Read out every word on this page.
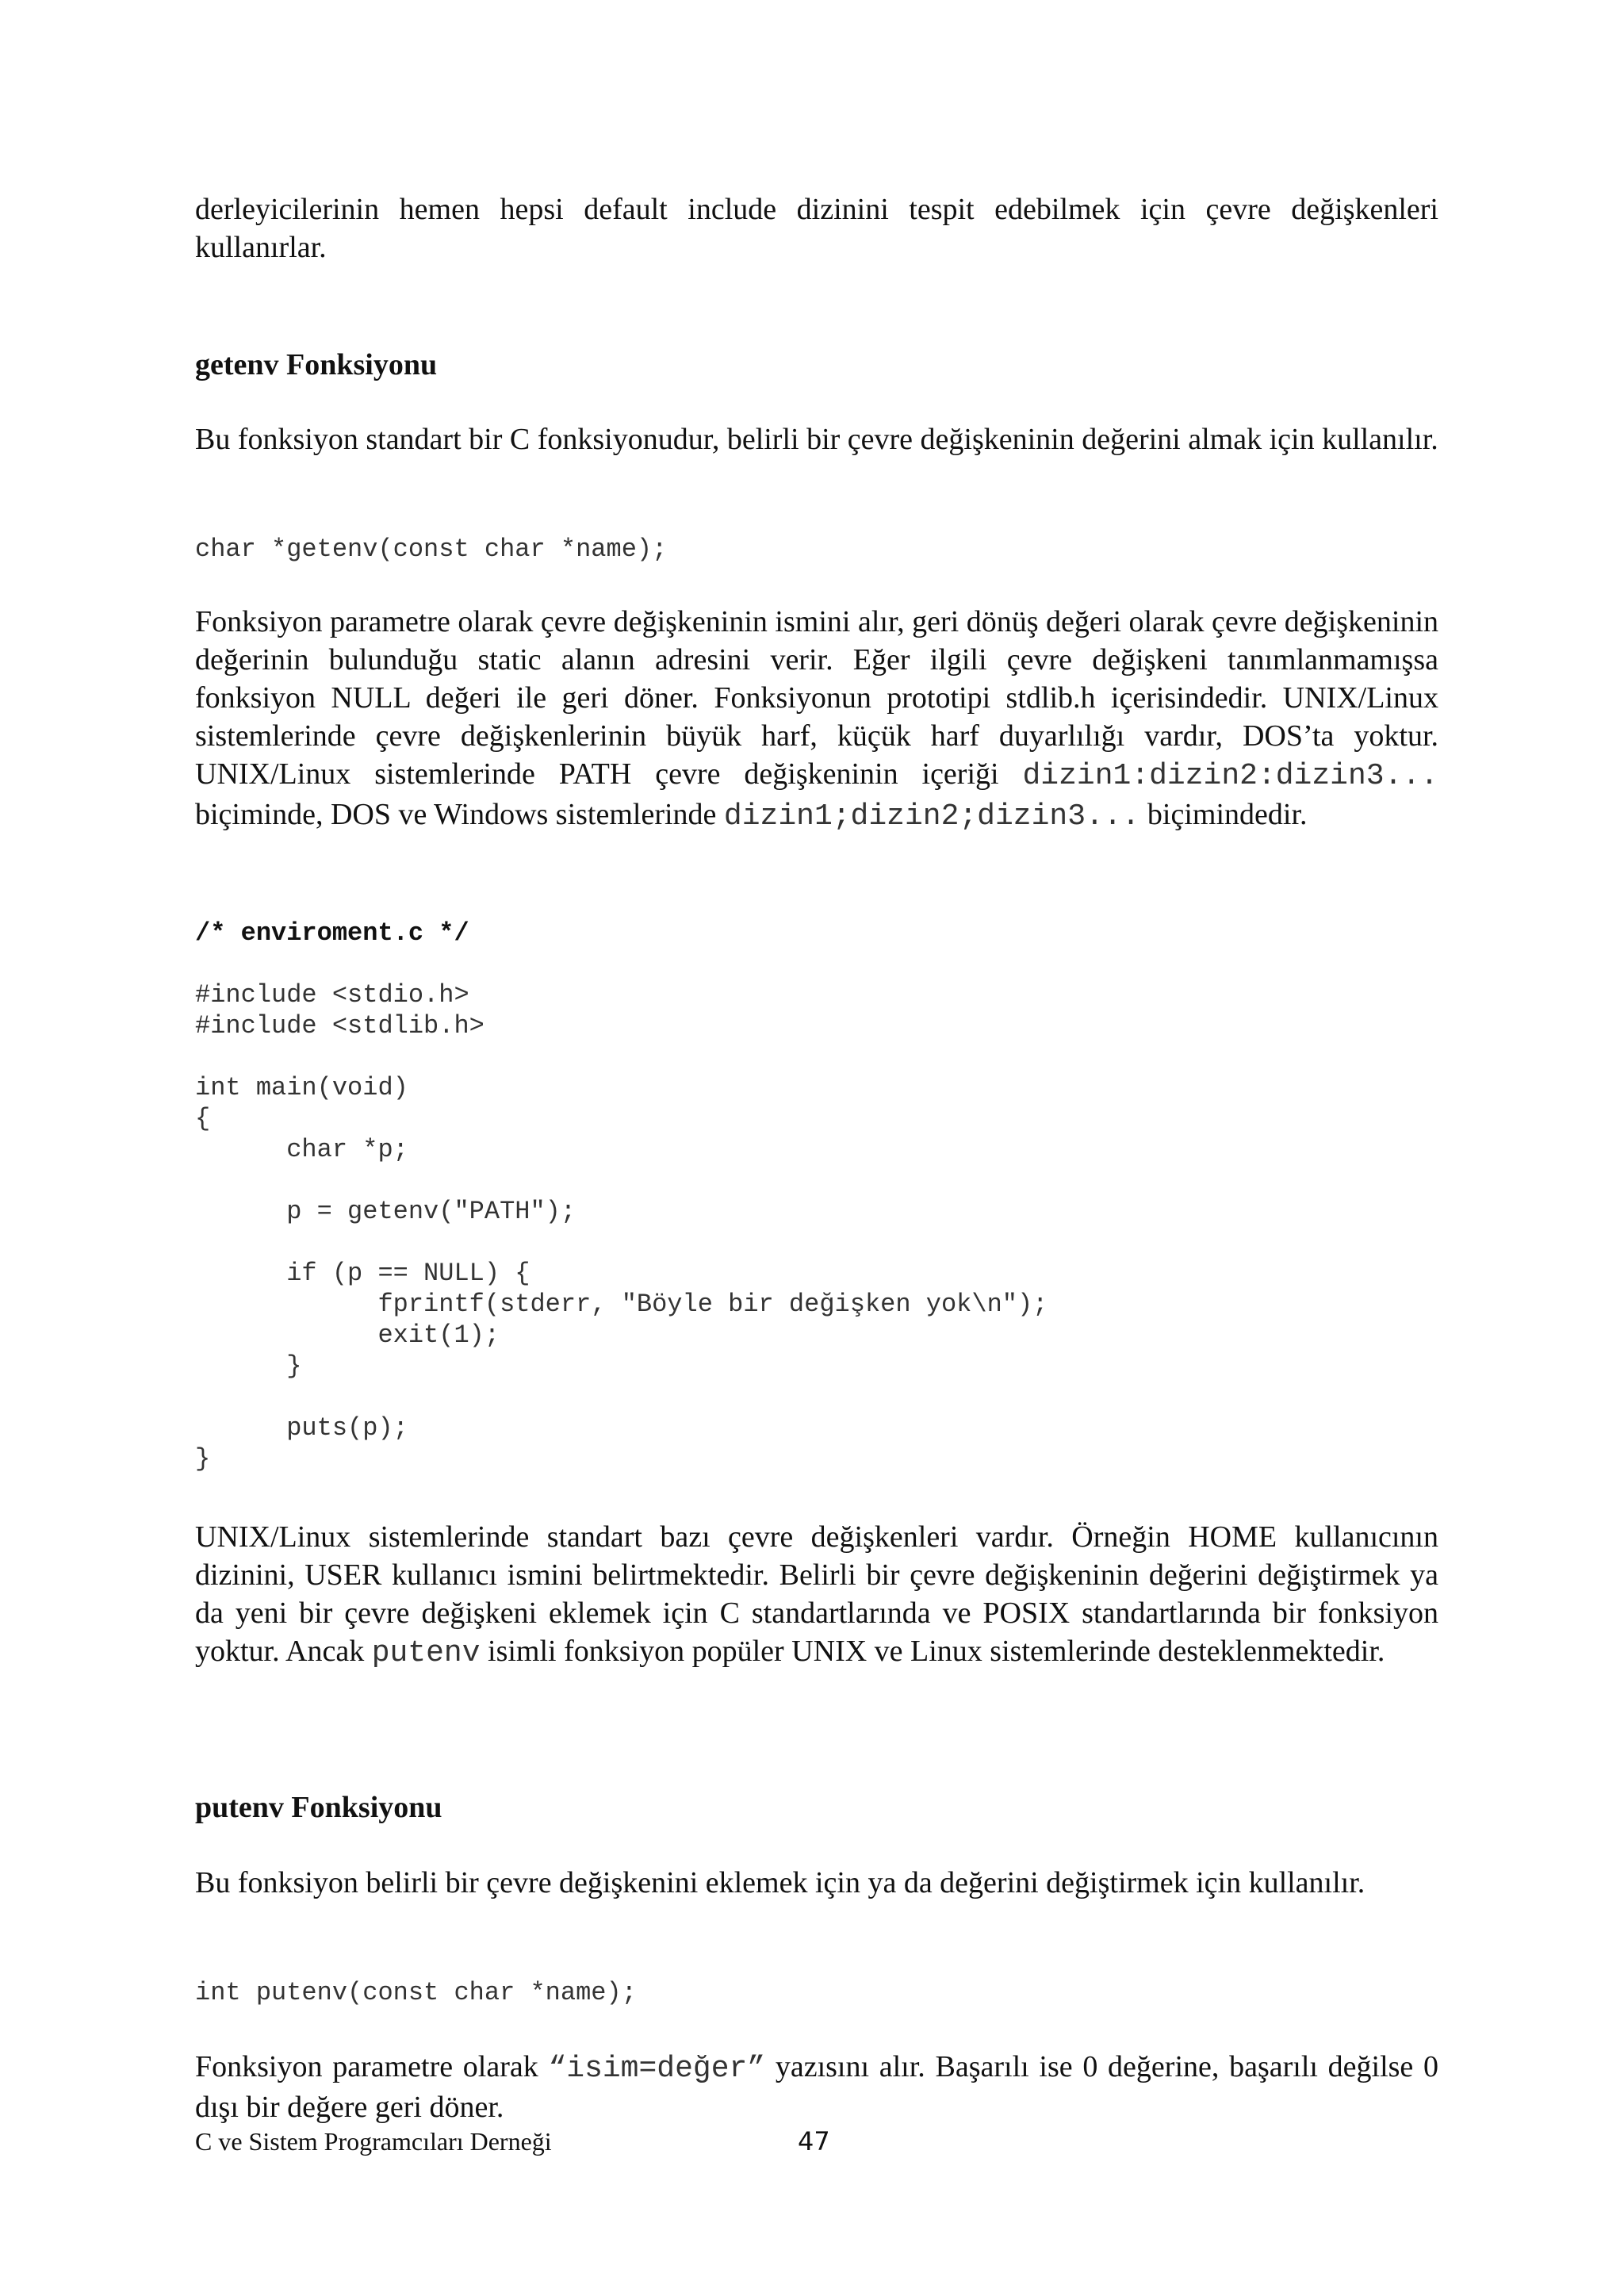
derleyicilerinin hemen hepsi default include dizinini tespit edebilmek için çevre değişkenleri kullanırlar.

getenv Fonksiyonu

Bu fonksiyon standart bir C fonksiyonudur, belirli bir çevre değişkeninin değerini almak için kullanılır.

char *getenv(const char *name);

Fonksiyon parametre olarak çevre değişkeninin ismini alır, geri dönüş değeri olarak çevre değişkeninin değerinin bulunduğu static alanın adresini verir. Eğer ilgili çevre değişkeni tanımlanmamışsa fonksiyon NULL değeri ile geri döner. Fonksiyonun prototipi stdlib.h içerisindedir. UNIX/Linux sistemlerinde çevre değişkenlerinin büyük harf, küçük harf duyarlılığı vardır, DOS’ta yoktur. UNIX/Linux sistemlerinde PATH çevre değişkeninin içeriği dizin1:dizin2:dizin3... biçiminde, DOS ve Windows sistemlerinde dizin1;dizin2;dizin3... biçimindedir.

/* enviroment.c */
#include <stdio.h>
#include <stdlib.h>

int main(void)
{
char *p;

p = getenv("PATH");

if (p == NULL) {
fprintf(stderr, "Böyle bir değişken yok\n");
exit(1);
}

puts(p);
}

UNIX/Linux sistemlerinde standart bazı çevre değişkenleri vardır. Örneğin HOME kullanıcının dizinini, USER kullanıcı ismini belirtmektedir. Belirli bir çevre değişkeninin değerini değiştirmek ya da yeni bir çevre değişkeni eklemek için C standartlarında ve POSIX standartlarında bir fonksiyon yoktur. Ancak putenv isimli fonksiyon popüler UNIX ve Linux sistemlerinde desteklenmektedir.

putenv Fonksiyonu

Bu fonksiyon belirli bir çevre değişkenini eklemek için ya da değerini değiştirmek için kullanılır.

int putenv(const char *name);

Fonksiyon parametre olarak “isim=değer” yazısını alır. Başarılı ise 0 değerine, başarılı değilse 0 dışı bir değere geri döner.

C ve Sistem Programcıları Derneği	47
